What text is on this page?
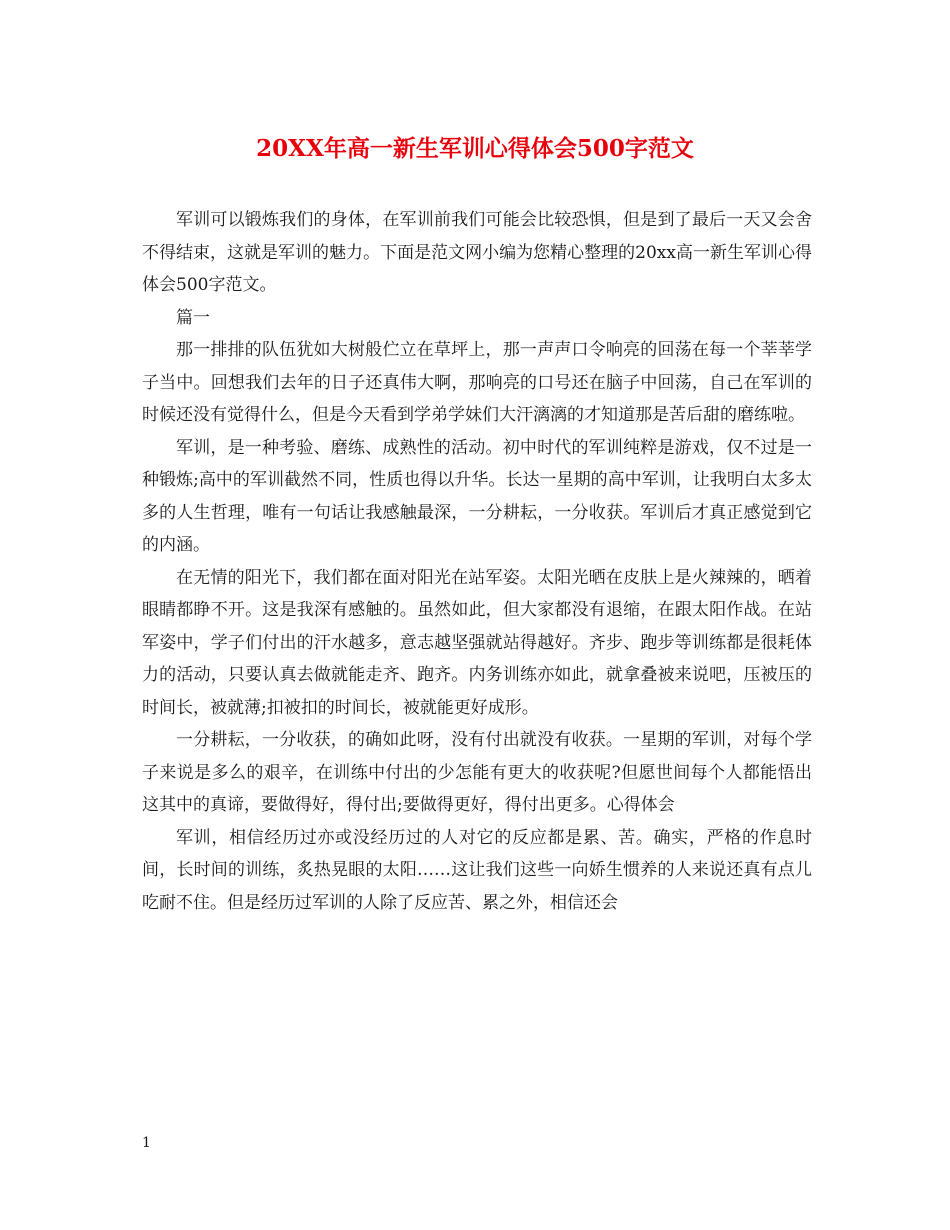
20XX年高一新生军训心得体会500字范文

军训可以锻炼我们的身体，在军训前我们可能会比较恐惧，但是到了最后一天又会舍不得结束，这就是军训的魅力。下面是范文网小编为您精心整理的20xx高一新生军训心得体会500字范文。

篇一

那一排排的队伍犹如大树般伫立在草坪上，那一声声口令响亮的回荡在每一个莘莘学子当中。回想我们去年的日子还真伟大啊，那响亮的口号还在脑子中回荡，自己在军训的时候还没有觉得什么，但是今天看到学弟学妹们大汗漓漓的才知道那是苦后甜的磨练啦。

军训，是一种考验、磨练、成熟性的活动。初中时代的军训纯粹是游戏，仅不过是一种锻炼;高中的军训截然不同，性质也得以升华。长达一星期的高中军训，让我明白太多太多的人生哲理，唯有一句话让我感触最深，一分耕耘，一分收获。军训后才真正感觉到它的内涵。

在无情的阳光下，我们都在面对阳光在站军姿。太阳光晒在皮肤上是火辣辣的，晒着眼睛都睁不开。这是我深有感触的。虽然如此，但大家都没有退缩，在跟太阳作战。在站军姿中，学子们付出的汗水越多，意志越坚强就站得越好。齐步、跑步等训练都是很耗体力的活动，只要认真去做就能走齐、跑齐。内务训练亦如此，就拿叠被来说吧，压被压的时间长，被就薄;扣被扣的时间长，被就能更好成形。

一分耕耘，一分收获，的确如此呀，没有付出就没有收获。一星期的军训，对每个学子来说是多么的艰辛，在训练中付出的少怎能有更大的收获呢?但愿世间每个人都能悟出这其中的真谛，要做得好，得付出;要做得更好，得付出更多。心得体会

军训，相信经历过亦或没经历过的人对它的反应都是累、苦。确实，严格的作息时间，长时间的训练，炙热晃眼的太阳……这让我们这些一向娇生惯养的人来说还真有点儿吃耐不住。但是经历过军训的人除了反应苦、累之外，相信还会

1
